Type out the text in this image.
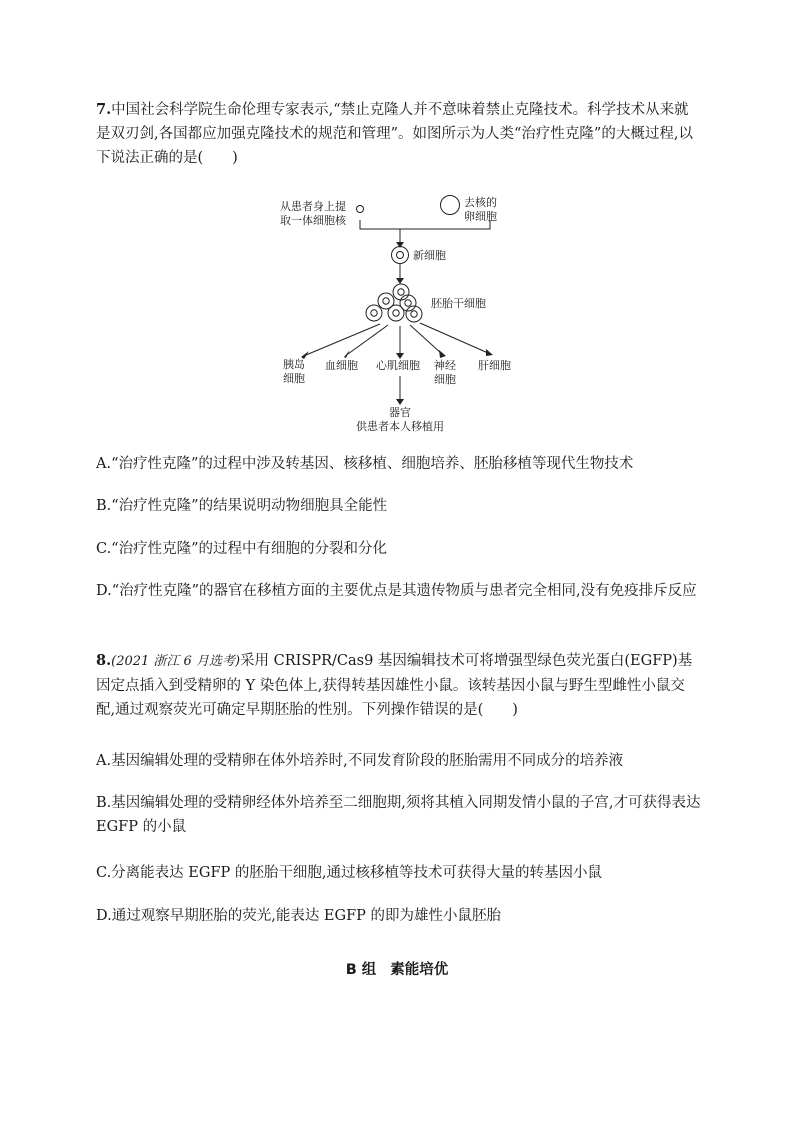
7.中国社会科学院生命伦理专家表示,“禁止克隆人并不意味着禁止克隆技术。科学技术从来就是双刃剑,各国都应加强克隆技术的规范和管理”。如图所示为人类“治疗性克隆”的大概过程,以下说法正确的是(　　)

从患者身上提
取一体细胞核
去核的
卵细胞
新细胞
胚胎干细胞
胰岛
细胞
血细胞 心肌细胞	神经
细胞
肝细胞
器官
供患者本人移植用

A.“治疗性克隆”的过程中涉及转基因、核移植、细胞培养、胚胎移植等现代生物技术

B.“治疗性克隆”的结果说明动物细胞具全能性

C.“治疗性克隆”的过程中有细胞的分裂和分化

D.“治疗性克隆”的器官在移植方面的主要优点是其遗传物质与患者完全相同,没有免疫排斥反应

8.(2021 浙江 6 月选考)采用 CRISPR/Cas9 基因编辑技术可将增强型绿色荧光蛋白(EGFP)基因定点插入到受精卵的 Y 染色体上,获得转基因雄性小鼠。该转基因小鼠与野生型雌性小鼠交配,通过观察荧光可确定早期胚胎的性别。下列操作错误的是(　　)

A.基因编辑处理的受精卵在体外培养时,不同发育阶段的胚胎需用不同成分的培养液

B.基因编辑处理的受精卵经体外培养至二细胞期,须将其植入同期发情小鼠的子宫,才可获得表达 EGFP 的小鼠

C.分离能表达 EGFP 的胚胎干细胞,通过核移植等技术可获得大量的转基因小鼠

D.通过观察早期胚胎的荧光,能表达 EGFP 的即为雄性小鼠胚胎

B 组 素能培优
